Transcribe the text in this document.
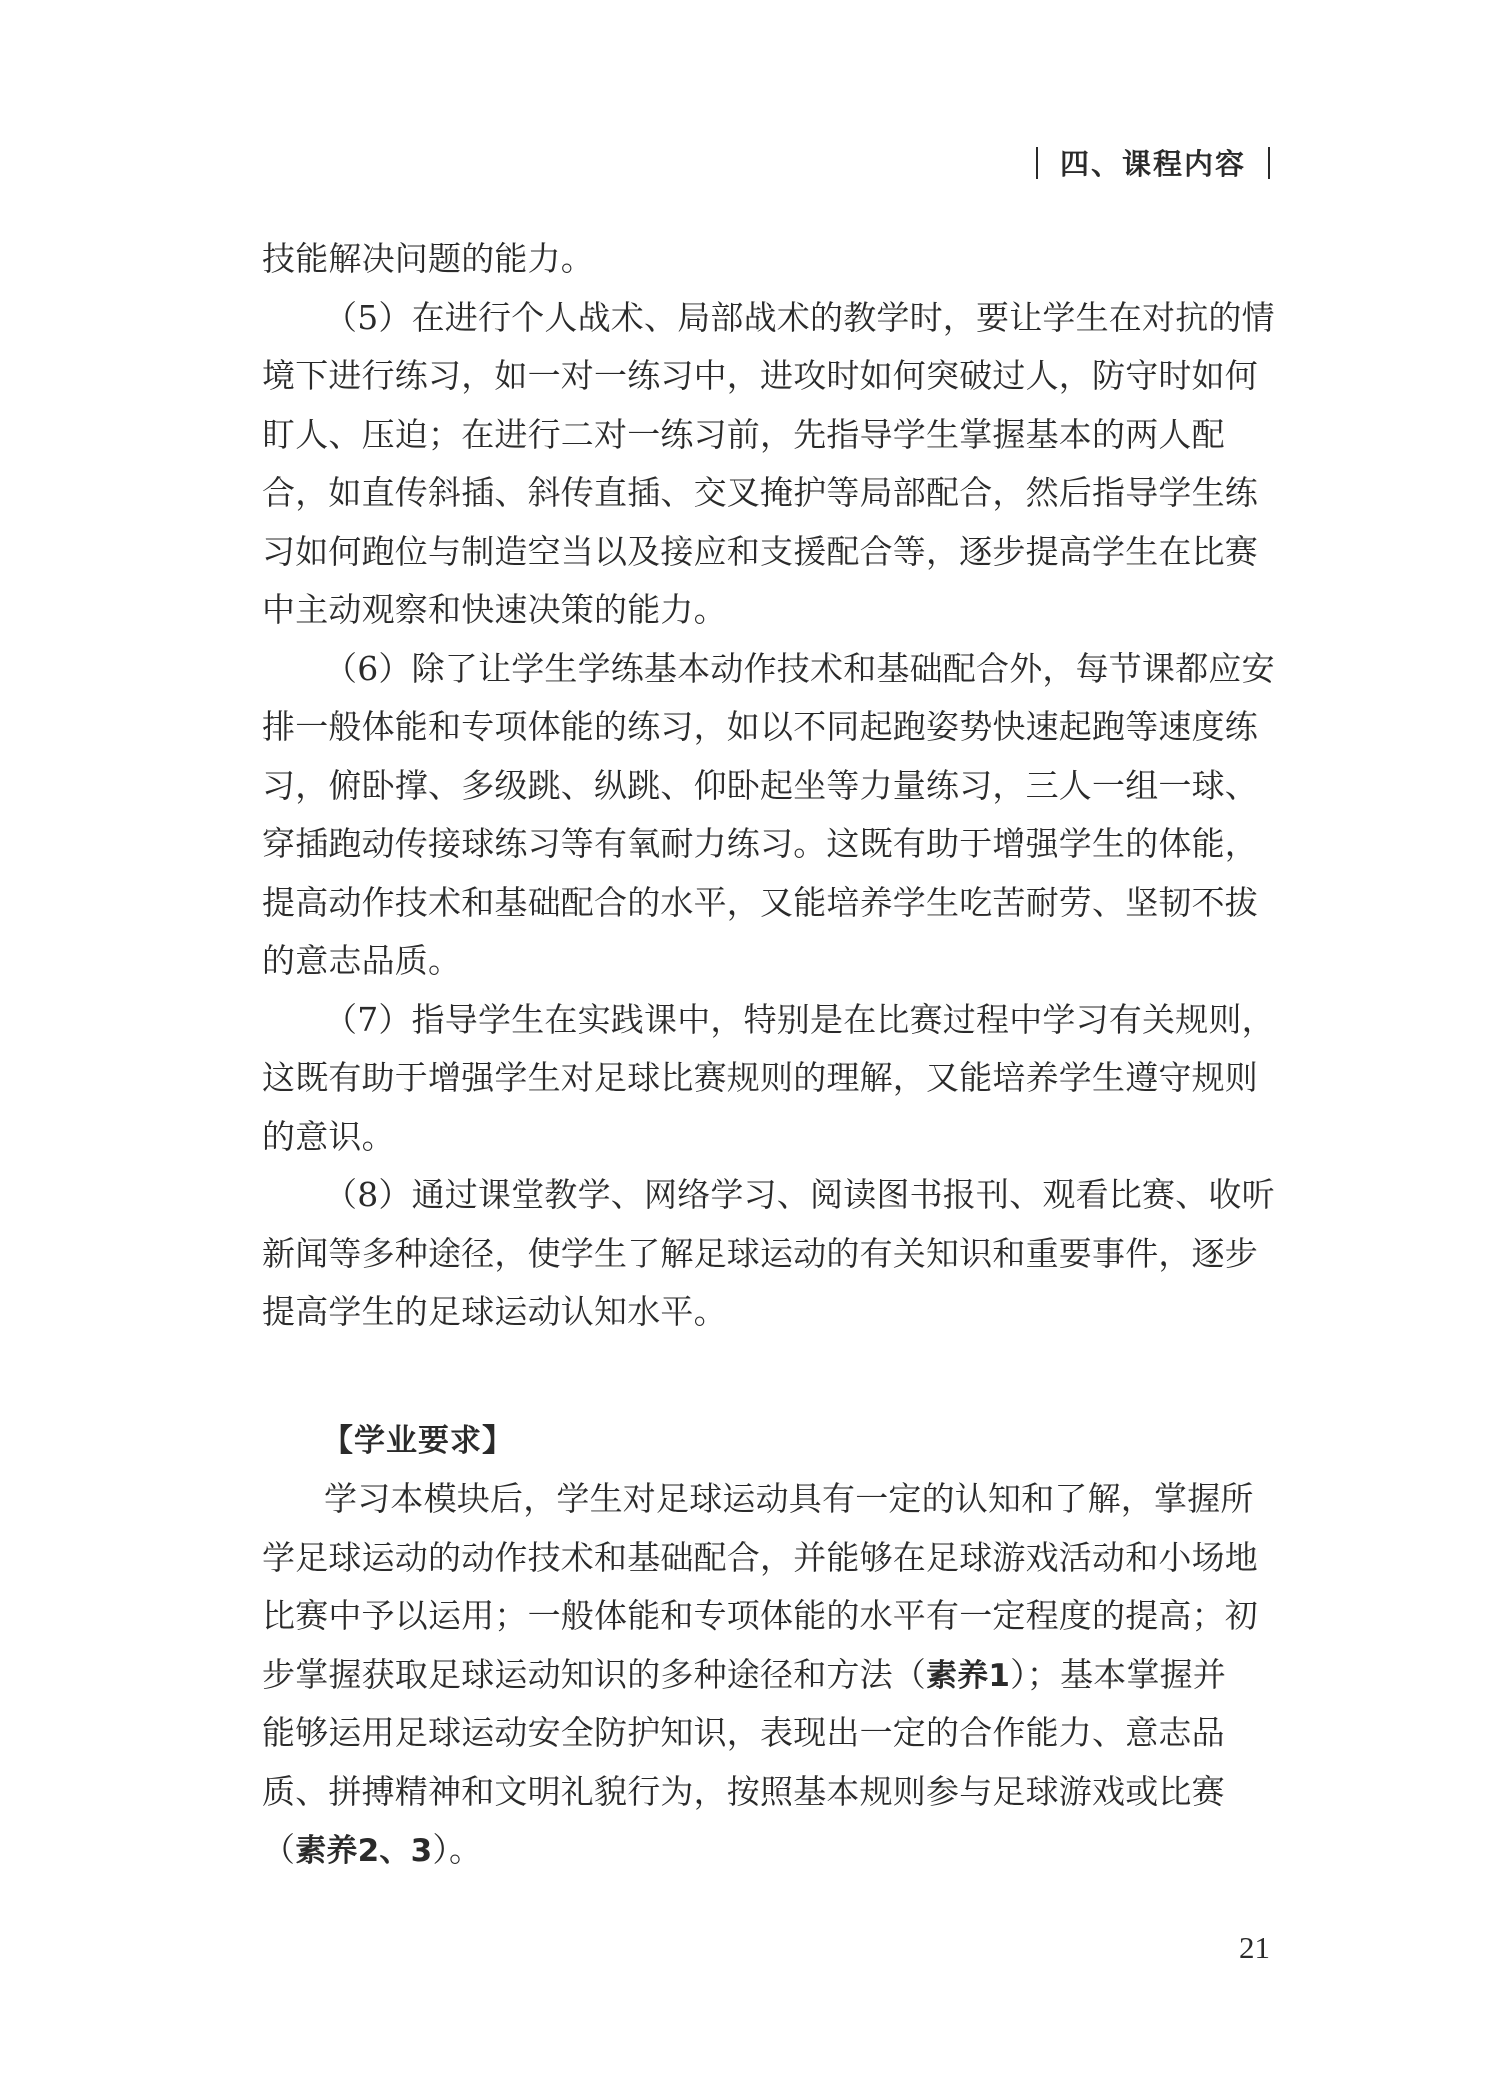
四、课程内容
技能解决问题的能力。
（5）在进行个人战术、局部战术的教学时，要让学生在对抗的情
境下进行练习，如一对一练习中，进攻时如何突破过人，防守时如何
盯人、压迫；在进行二对一练习前，先指导学生掌握基本的两人配
合，如直传斜插、斜传直插、交叉掩护等局部配合，然后指导学生练
习如何跑位与制造空当以及接应和支援配合等，逐步提高学生在比赛
中主动观察和快速决策的能力。
（6）除了让学生学练基本动作技术和基础配合外，每节课都应安
排一般体能和专项体能的练习，如以不同起跑姿势快速起跑等速度练
习，俯卧撑、多级跳、纵跳、仰卧起坐等力量练习，三人一组一球、
穿插跑动传接球练习等有氧耐力练习。这既有助于增强学生的体能，
提高动作技术和基础配合的水平，又能培养学生吃苦耐劳、坚韧不拔
的意志品质。
（7）指导学生在实践课中，特别是在比赛过程中学习有关规则，
这既有助于增强学生对足球比赛规则的理解，又能培养学生遵守规则
的意识。
（8）通过课堂教学、网络学习、阅读图书报刊、观看比赛、收听
新闻等多种途径，使学生了解足球运动的有关知识和重要事件，逐步
提高学生的足球运动认知水平。
【学业要求】
学习本模块后，学生对足球运动具有一定的认知和了解，掌握所
学足球运动的动作技术和基础配合，并能够在足球游戏活动和小场地
比赛中予以运用；一般体能和专项体能的水平有一定程度的提高；初
步掌握获取足球运动知识的多种途径和方法（素养1）；基本掌握并
能够运用足球运动安全防护知识，表现出一定的合作能力、意志品
质、拼搏精神和文明礼貌行为，按照基本规则参与足球游戏或比赛
（素养2、3）。
21
